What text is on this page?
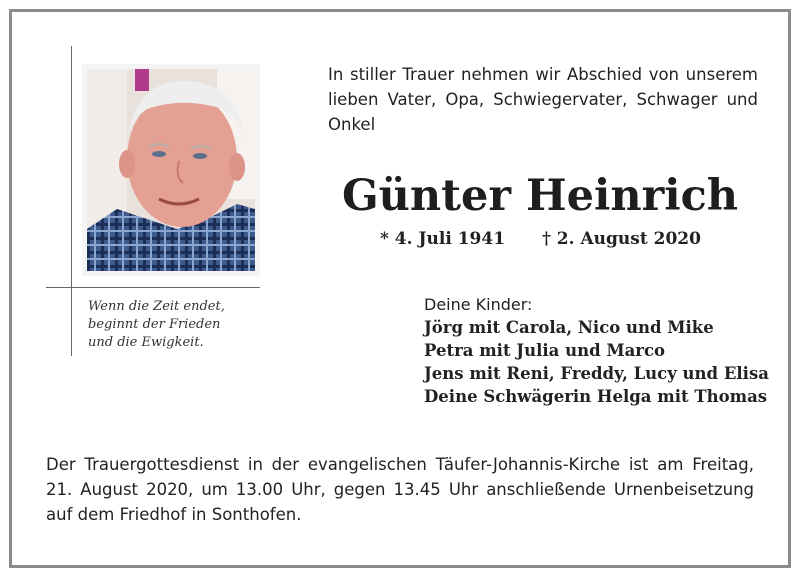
Wenn die Zeit endet,
beginnt der Frieden
und die Ewigkeit.
In stiller Trauer nehmen wir Abschied von unserem lieben Vater, Opa, Schwiegervater, Schwager und Onkel
Günter Heinrich
* 4. Juli 1941 † 2. August 2020
Deine Kinder:
Jörg mit Carola, Nico und Mike
Petra mit Julia und Marco
Jens mit Reni, Freddy, Lucy und Elisa
Deine Schwägerin Helga mit Thomas
Der Trauergottesdienst in der evangelischen Täufer-Johannis-Kirche ist am Freitag,
21. August 2020, um 13.00 Uhr, gegen 13.45 Uhr anschließende Urnenbeisetzung
auf dem Friedhof in Sonthofen.
